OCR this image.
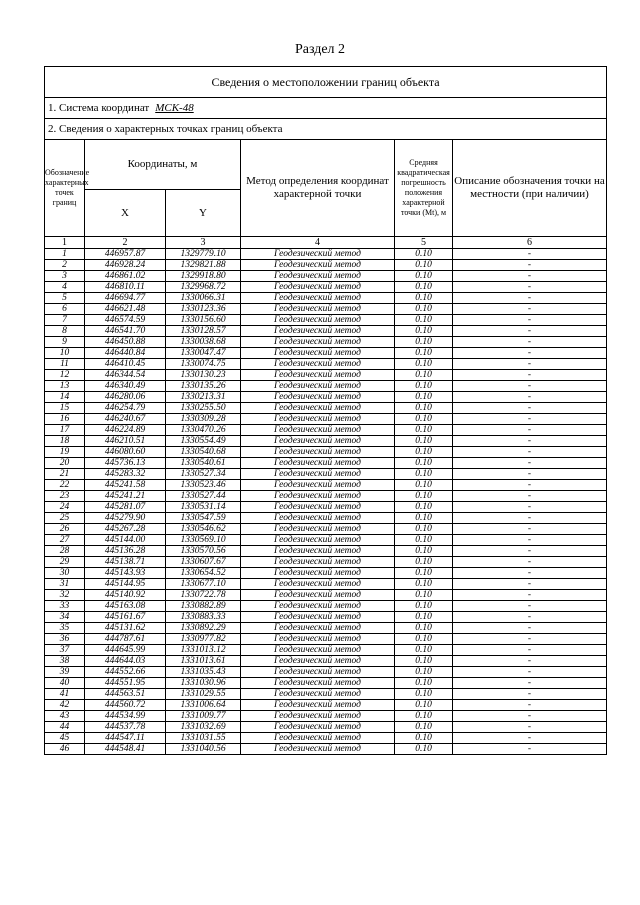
Раздел 2
Сведения о местоположении границ объекта					
1. Система координат МСК-48					
2. Сведения о характерных точках границ объекта					
Обозначение характерных точек границ	Координаты, м		Метод определения координат характерной точки	Средняя квадратическая погрешность положения характерной точки (Mt), м	Описание обозначения точки на местности (при наличии)
	X	Y			
1	2	3	4	5	6
1	446957.87	1329779.10	Геодезический метод	0.10	-
2	446928.24	1329821.88	Геодезический метод	0.10	-
3	446861.02	1329918.80	Геодезический метод	0.10	-
4	446810.11	1329968.72	Геодезический метод	0.10	-
5	446694.77	1330066.31	Геодезический метод	0.10	-
6	446621.48	1330123.36	Геодезический метод	0.10	-
7	446574.59	1330156.60	Геодезический метод	0.10	-
8	446541.70	1330128.57	Геодезический метод	0.10	-
9	446450.88	1330038.68	Геодезический метод	0.10	-
10	446440.84	1330047.47	Геодезический метод	0.10	-
11	446410.45	1330074.75	Геодезический метод	0.10	-
12	446344.54	1330130.23	Геодезический метод	0.10	-
13	446340.49	1330135.26	Геодезический метод	0.10	-
14	446280.06	1330213.31	Геодезический метод	0.10	-
15	446254.79	1330255.50	Геодезический метод	0.10	-
16	446240.67	1330309.28	Геодезический метод	0.10	-
17	446224.89	1330470.26	Геодезический метод	0.10	-
18	446210.51	1330554.49	Геодезический метод	0.10	-
19	446080.60	1330540.68	Геодезический метод	0.10	-
20	445736.13	1330540.61	Геодезический метод	0.10	-
21	445283.32	1330527.34	Геодезический метод	0.10	-
22	445241.58	1330523.46	Геодезический метод	0.10	-
23	445241.21	1330527.44	Геодезический метод	0.10	-
24	445281.07	1330531.14	Геодезический метод	0.10	-
25	445279.90	1330547.59	Геодезический метод	0.10	-
26	445267.28	1330546.62	Геодезический метод	0.10	-
27	445144.00	1330569.10	Геодезический метод	0.10	-
28	445136.28	1330570.56	Геодезический метод	0.10	-
29	445138.71	1330607.67	Геодезический метод	0.10	-
30	445143.93	1330654.52	Геодезический метод	0.10	-
31	445144.95	1330677.10	Геодезический метод	0.10	-
32	445140.92	1330722.78	Геодезический метод	0.10	-
33	445163.08	1330882.89	Геодезический метод	0.10	-
34	445161.67	1330883.33	Геодезический метод	0.10	-
35	445131.62	1330892.29	Геодезический метод	0.10	-
36	444787.61	1330977.82	Геодезический метод	0.10	-
37	444645.99	1331013.12	Геодезический метод	0.10	-
38	444644.03	1331013.61	Геодезический метод	0.10	-
39	444552.66	1331035.43	Геодезический метод	0.10	-
40	444551.95	1331030.96	Геодезический метод	0.10	-
41	444563.51	1331029.55	Геодезический метод	0.10	-
42	444560.72	1331006.64	Геодезический метод	0.10	-
43	444534.99	1331009.77	Геодезический метод	0.10	-
44	444537.78	1331032.69	Геодезический метод	0.10	-
45	444547.11	1331031.55	Геодезический метод	0.10	-
46	444548.41	1331040.56	Геодезический метод	0.10	-
